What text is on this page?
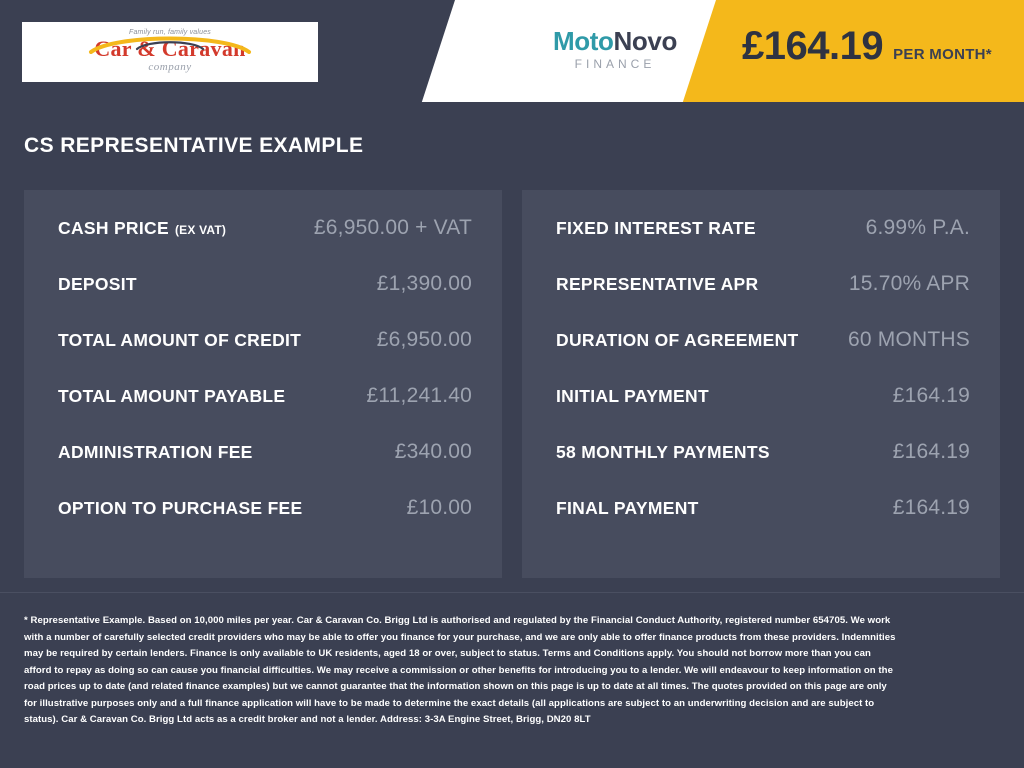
Family run, family values
Car & Caravan
company
MotoNovo
FINANCE	£164.19 PER MONTH*
CS REPRESENTATIVE EXAMPLE
CASH PRICE (EX VAT)	£6,950.00 + VAT
DEPOSIT	£1,390.00
TOTAL AMOUNT OF CREDIT	£6,950.00
TOTAL AMOUNT PAYABLE	£11,241.40
ADMINISTRATION FEE	£340.00
OPTION TO PURCHASE FEE	£10.00
FIXED INTEREST RATE	6.99% P.A.
REPRESENTATIVE APR	15.70% APR
DURATION OF AGREEMENT 60 MONTHS
INITIAL PAYMENT	£164.19
58 MONTHLY PAYMENTS	£164.19
FINAL PAYMENT	£164.19
* Representative Example. Based on 10,000 miles per year. Car & Caravan Co. Brigg Ltd is authorised and regulated by the Financial Conduct Authority, registered number 654705. We work with a number of carefully selected credit providers who may be able to offer you finance for your purchase, and we are only able to offer finance products from these providers. Indemnities may be required by certain lenders. Finance is only available to UK residents, aged 18 or over, subject to status. Terms and Conditions apply. You should not borrow more than you can afford to repay as doing so can cause you financial difficulties. We may receive a commission or other benefits for introducing you to a lender. We will endeavour to keep information on the road prices up to date (and related finance examples) but we cannot guarantee that the information shown on this page is up to date at all times. The quotes provided on this page are only for illustrative purposes only and a full finance application will have to be made to determine the exact details (all applications are subject to an underwriting decision and are subject to status). Car & Caravan Co. Brigg Ltd acts as a credit broker and not a lender. Address: 3-3A Engine Street, Brigg, DN20 8LT
